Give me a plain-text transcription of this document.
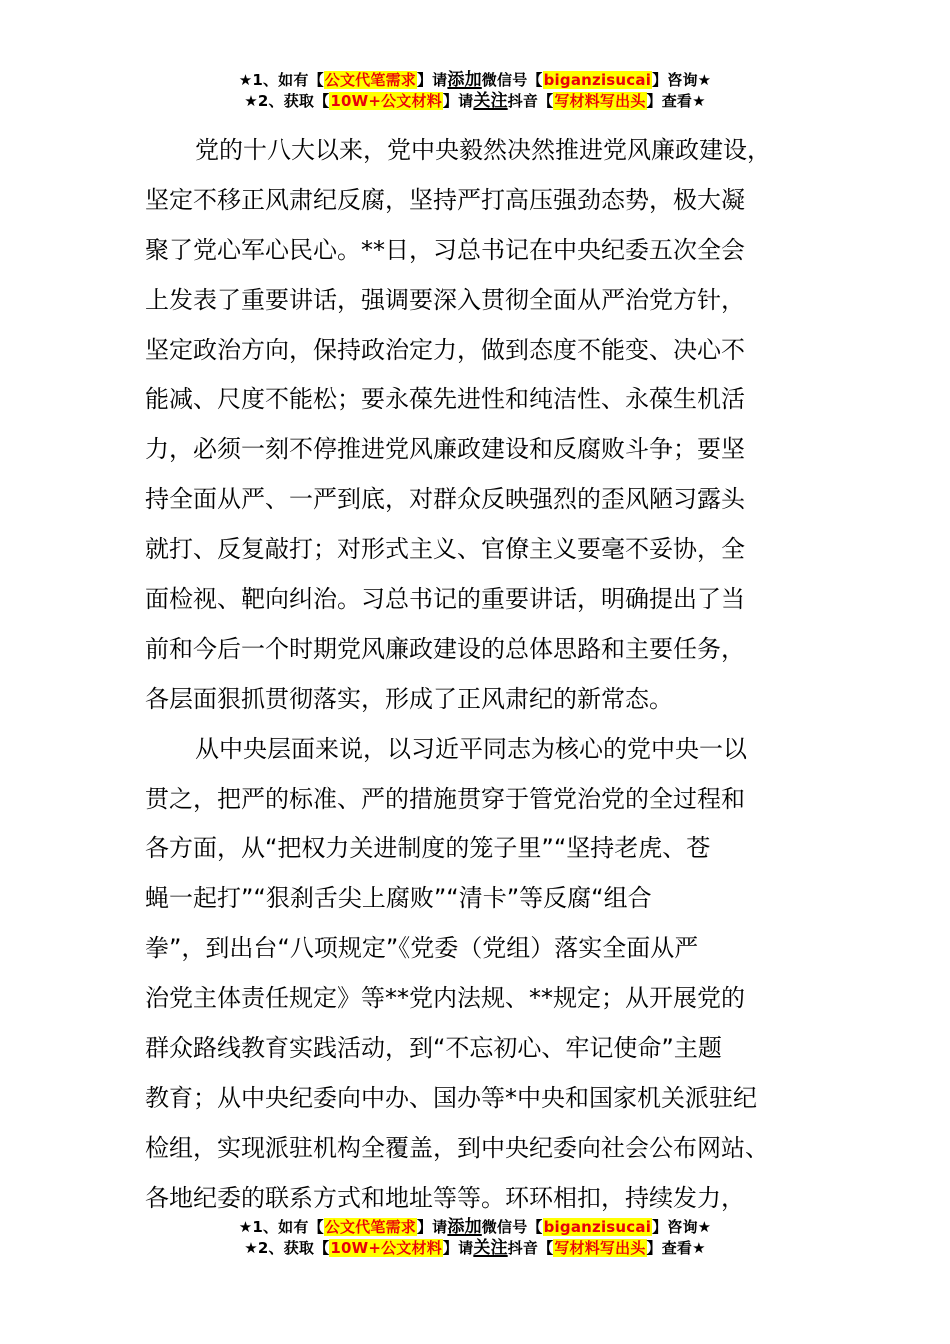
★1、如有【公文代笔需求】请添加微信号【biganzisucai】咨询★
★2、获取【10W+公文材料】请关注抖音【写材料写出头】查看★
党的十八大以来，党中央毅然决然推进党风廉政建设，
坚定不移正风肃纪反腐，坚持严打高压强劲态势，极大凝
聚了党心军心民心。**日，习总书记在中央纪委五次全会
上发表了重要讲话，强调要深入贯彻全面从严治党方针，
坚定政治方向，保持政治定力，做到态度不能变、决心不
能减、尺度不能松；要永葆先进性和纯洁性、永葆生机活
力，必须一刻不停推进党风廉政建设和反腐败斗争；要坚
持全面从严、一严到底，对群众反映强烈的歪风陋习露头
就打、反复敲打；对形式主义、官僚主义要毫不妥协，全
面检视、靶向纠治。习总书记的重要讲话，明确提出了当
前和今后一个时期党风廉政建设的总体思路和主要任务，
各层面狠抓贯彻落实，形成了正风肃纪的新常态。
从中央层面来说，以习近平同志为核心的党中央一以
贯之，把严的标准、严的措施贯穿于管党治党的全过程和
各方面，从“把权力关进制度的笼子里”“坚持老虎、苍
蝇一起打”“狠刹舌尖上腐败”“清卡”等反腐“组合
拳”，到出台“八项规定”《党委（党组）落实全面从严
治党主体责任规定》等**党内法规、**规定；从开展党的
群众路线教育实践活动，到“不忘初心、牢记使命”主题
教育；从中央纪委向中办、国办等*中央和国家机关派驻纪
检组，实现派驻机构全覆盖，到中央纪委向社会公布网站、
各地纪委的联系方式和地址等等。环环相扣，持续发力，
★1、如有【公文代笔需求】请添加微信号【biganzisucai】咨询★
★2、获取【10W+公文材料】请关注抖音【写材料写出头】查看★
